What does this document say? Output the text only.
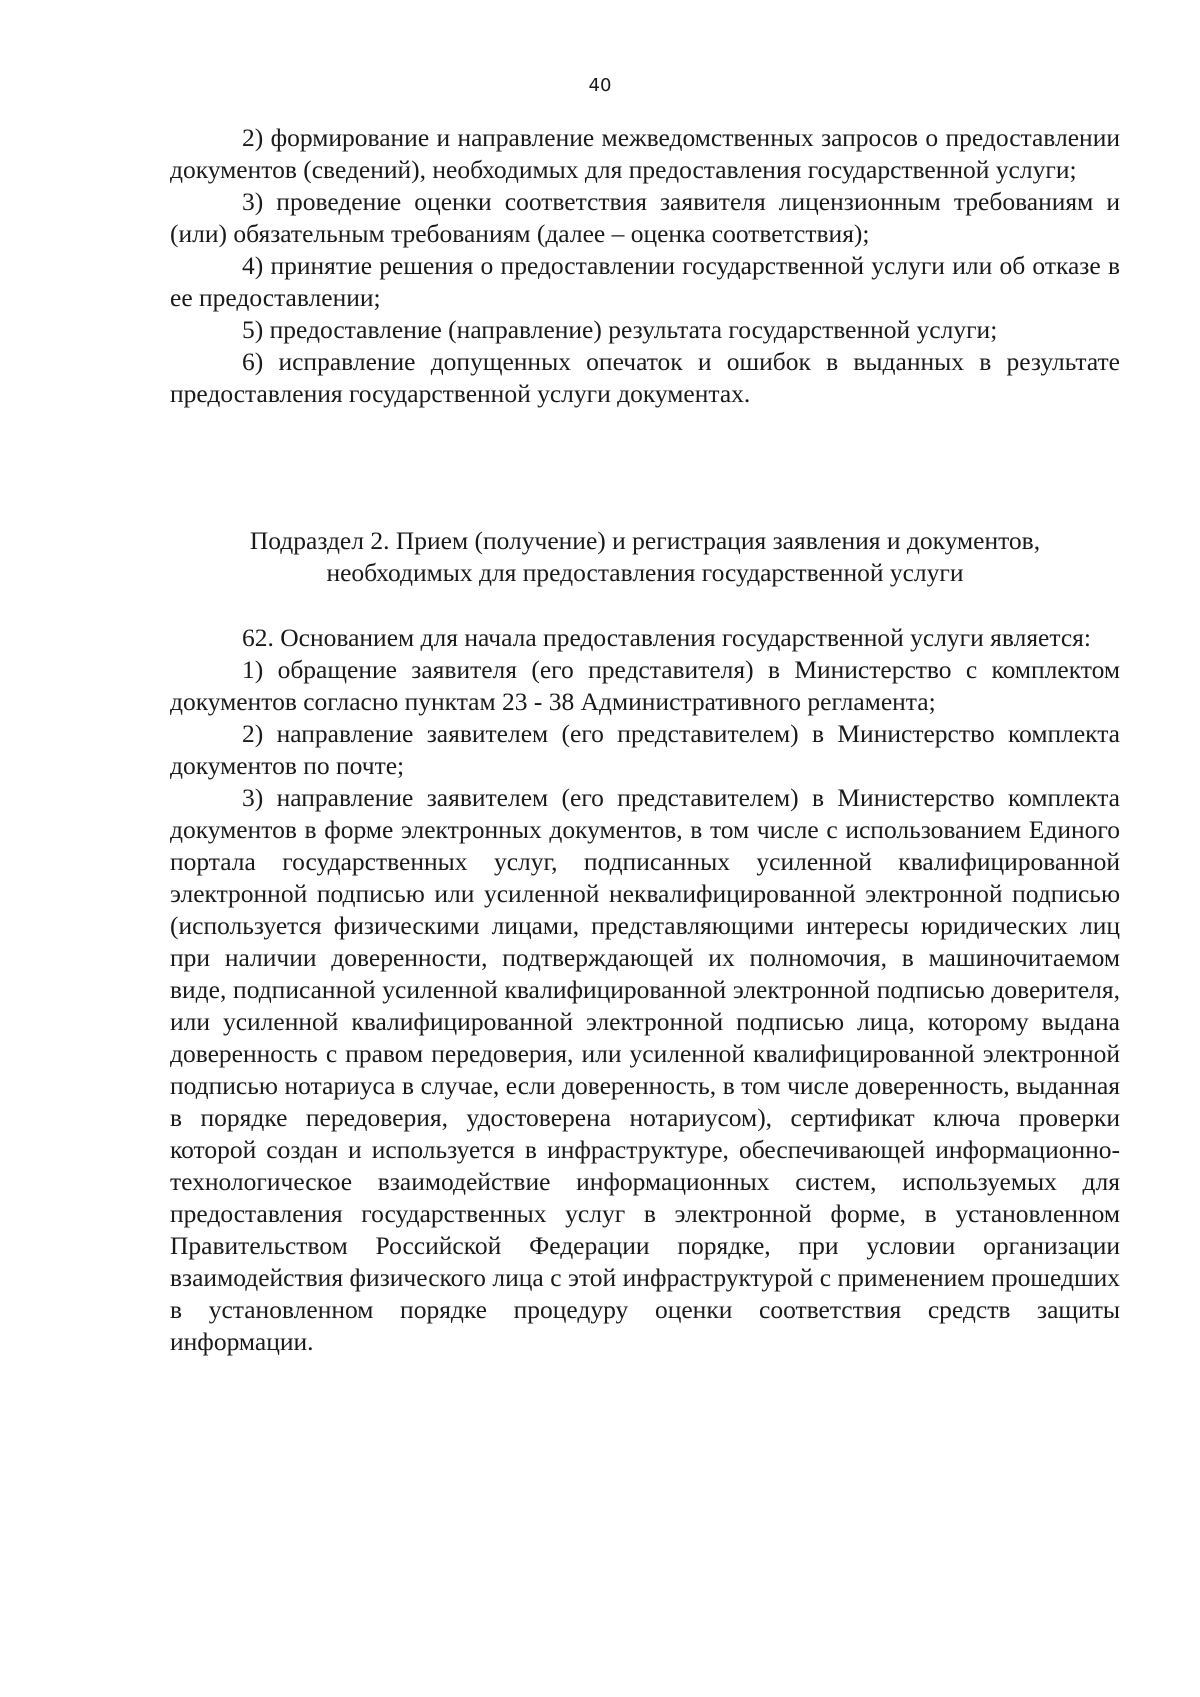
40

2) формирование и направление межведомственных запросов о предоставлении документов (сведений), необходимых для предоставления государственной услуги;

3) проведение оценки соответствия заявителя лицензионным требованиям и (или) обязательным требованиям (далее – оценка соответствия);

4) принятие решения о предоставлении государственной услуги или об отказе в ее предоставлении;

5) предоставление (направление) результата государственной услуги;

6) исправление допущенных опечаток и ошибок в выданных в результате предоставления государственной услуги документах.

Подраздел 2. Прием (получение) и регистрация заявления и документов,
необходимых для предоставления государственной услуги

62. Основанием для начала предоставления государственной услуги является:

1) обращение заявителя (его представителя) в Министерство с комплектом документов согласно пунктам 23 - 38 Административного регламента;

2) направление заявителем (его представителем) в Министерство комплекта документов по почте;

3) направление заявителем (его представителем) в Министерство комплекта документов в форме электронных документов, в том числе с использованием Единого портала государственных услуг, подписанных усиленной квалифицированной электронной подписью или усиленной неквалифицированной электронной подписью (используется физическими лицами, представляющими интересы юридических лиц при наличии доверенности, подтверждающей их полномочия, в машиночитаемом виде, подписанной усиленной квалифицированной электронной подписью доверителя, или усиленной квалифицированной электронной подписью лица, которому выдана доверенность с правом передоверия, или усиленной квалифицированной электронной подписью нотариуса в случае, если доверенность, в том числе доверенность, выданная в порядке передоверия, удостоверена нотариусом), сертификат ключа проверки которой создан и используется в инфраструктуре, обеспечивающей информационно-технологическое взаимодействие информационных систем, используемых для предоставления государственных услуг в электронной форме, в установленном Правительством Российской Федерации порядке, при условии организации взаимодействия физического лица с этой инфраструктурой с применением прошедших в установленном порядке процедуру оценки соответствия средств защиты информации.
